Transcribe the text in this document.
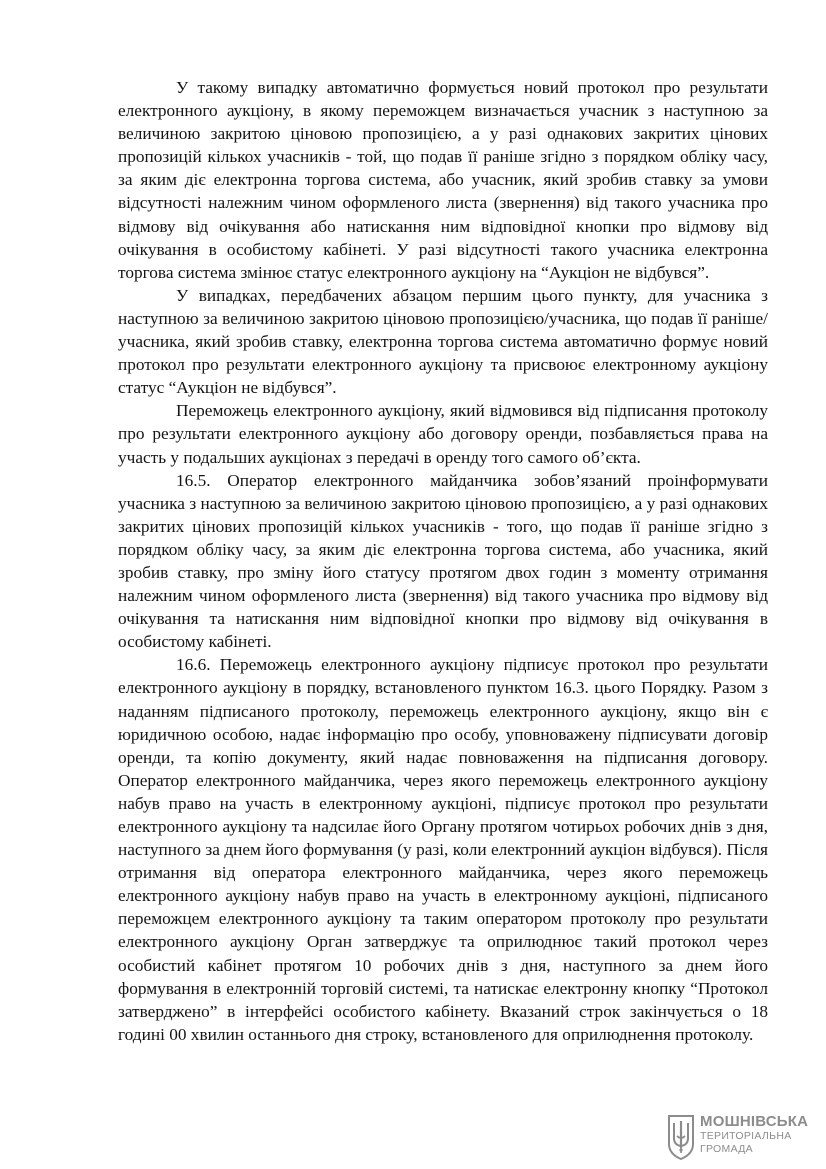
У такому випадку автоматично формується новий протокол про результати електронного аукціону, в якому переможцем визначається учасник з наступною за величиною закритою ціновою пропозицією, а у разі однакових закритих цінових пропозицій кількох учасників - той, що подав її раніше згідно з порядком обліку часу, за яким діє електронна торгова система, або учасник, який зробив ставку за умови відсутності належним чином оформленого листа (звернення) від такого учасника про відмову від очікування або натискання ним відповідної кнопки про відмову від очікування в особистому кабінеті. У разі відсутності такого учасника електронна торгова система змінює статус електронного аукціону на “Аукціон не відбувся”.

У випадках, передбачених абзацом першим цього пункту, для учасника з наступною за величиною закритою ціновою пропозицією/учасника, що подав її раніше/учасника, який зробив ставку, електронна торгова система автоматично формує новий протокол про результати електронного аукціону та присвоює електронному аукціону статус “Аукціон не відбувся”.

Переможець електронного аукціону, який відмовився від підписання протоколу про результати електронного аукціону або договору оренди, позбавляється права на участь у подальших аукціонах з передачі в оренду того самого об’єкта.

16.5. Оператор електронного майданчика зобов’язаний проінформувати учасника з наступною за величиною закритою ціновою пропозицією, а у разі однакових закритих цінових пропозицій кількох учасників - того, що подав її раніше згідно з порядком обліку часу, за яким діє електронна торгова система, або учасника, який зробив ставку, про зміну його статусу протягом двох годин з моменту отримання належним чином оформленого листа (звернення) від такого учасника про відмову від очікування та натискання ним відповідної кнопки про відмову від очікування в особистому кабінеті.

16.6. Переможець електронного аукціону підписує протокол про результати електронного аукціону в порядку, встановленого пунктом 16.3. цього Порядку. Разом з наданням підписаного протоколу, переможець електронного аукціону, якщо він є юридичною особою, надає інформацію про особу, уповноважену підписувати договір оренди, та копію документу, який надає повноваження на підписання договору. Оператор електронного майданчика, через якого переможець електронного аукціону набув право на участь в електронному аукціоні, підписує протокол про результати електронного аукціону та надсилає його Органу протягом чотирьох робочих днів з дня, наступного за днем його формування (у разі, коли електронний аукціон відбувся). Після отримання від оператора електронного майданчика, через якого переможець електронного аукціону набув право на участь в електронному аукціоні, підписаного переможцем електронного аукціону та таким оператором протоколу про результати електронного аукціону Орган затверджує та оприлюднює такий протокол через особистий кабінет протягом 10 робочих днів з дня, наступного за днем його формування в електронній торговій системі, та натискає електронну кнопку “Протокол затверджено” в інтерфейсі особистого кабінету. Вказаний строк закінчується о 18 годині 00 хвилин останнього дня строку, встановленого для оприлюднення протоколу.

МОШНІВСЬКА
ТЕРИТОРІАЛЬНА
ГРОМАДА
